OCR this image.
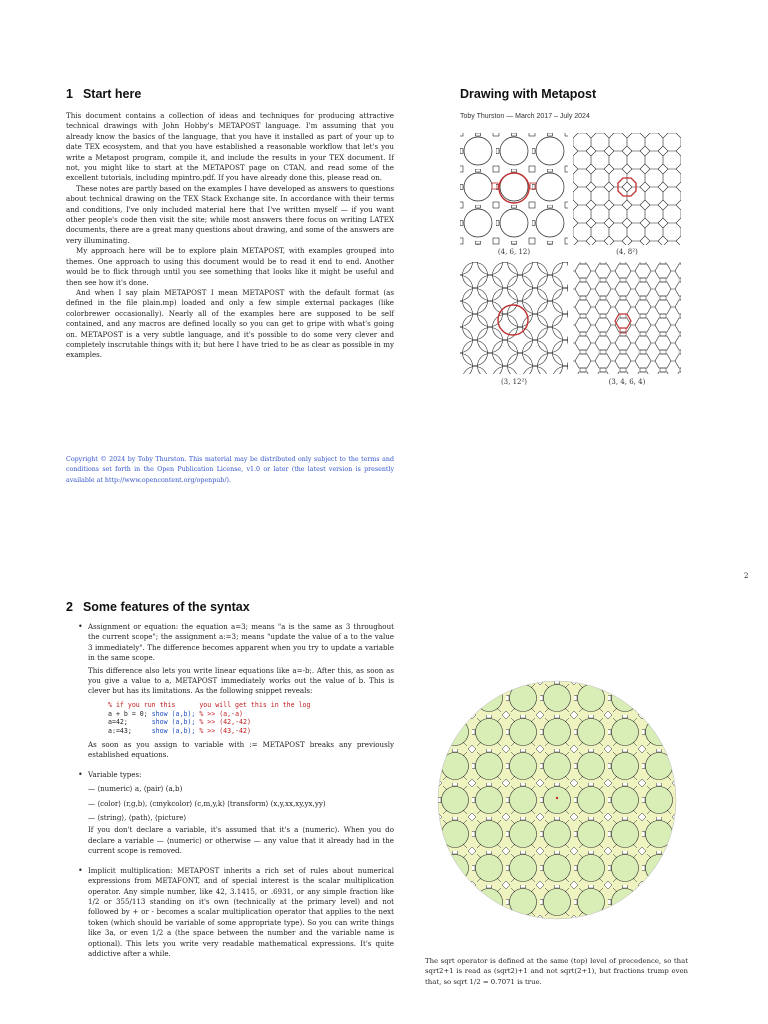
1 Start here

This document contains a collection of ideas and techniques for producing attractive technical drawings with John Hobby's METAPOST language. I'm assuming that you already know the basics of the language, that you have it installed as part of your up to date TEX ecosystem, and that you have established a reasonable workflow that let's you write a Metapost program, compile it, and include the results in your TEX document. If not, you might like to start at the METAPOST page on CTAN, and read some of the excellent tutorials, including mpintro.pdf. If you have already done this, please read on.

These notes are partly based on the examples I have developed as answers to questions about technical drawing on the TEX Stack Exchange site. In accordance with their terms and conditions, I've only included material here that I've written myself — if you want other people's code then visit the site; while most answers there focus on writing LATEX documents, there are a great many questions about drawing, and some of the answers are very illuminating.

My approach here will be to explore plain METAPOST, with examples grouped into themes. One approach to using this document would be to read it end to end. Another would be to flick through until you see something that looks like it might be useful and then see how it's done.

And when I say plain METAPOST I mean METAPOST with the default format (as defined in the file plain.mp) loaded and only a few simple external packages (like colorbrewer occasionally). Nearly all of the examples here are supposed to be self contained, and any macros are defined locally so you can get to gripe with what's going on. METAPOST is a very subtle language, and it's possible to do some very clever and completely inscrutable things with it; but here I have tried to be as clear as possible in my examples.

Copyright © 2024 by Toby Thurston. This material may be distributed only subject to the terms and conditions set forth in the Open Publication License, v1.0 or later (the latest version is presently available at http://www.opencontent.org/openpub/).
Drawing with Metapost
Toby Thurston — March 2017 – July 2024
(4, 6, 12)	(4, 8²)
(3, 12²)	(3, 4, 6, 4)
2
2 Some features of the syntax

• Assignment or equation: the equation a=3; means "a is the same as 3 throughout the current scope"; the assignment a:=3; means "update the value of a to the value 3 immediately". The difference becomes apparent when you try to update a variable in the same scope.

This difference also lets you write linear equations like a=-b;. After this, as soon as you give a value to a, METAPOST immediately works out the value of b. This is clever but has its limitations. As the following snippet reveals:

% if you run this	you will get this in the log
a + b = 0; show (a,b); % >> (a,-a)
a=42;	show (a,b); % >> (42,-42)
a:=43;	show (a,b); % >> (43,-42)

As soon as you assign to variable with := METAPOST breaks any previously established equations.

• Variable types:

— ⟨numeric⟩ a, ⟨pair⟩ (a,b)

— ⟨color⟩ (r,g,b), ⟨cmykcolor⟩ (c,m,y,k) ⟨transform⟩ (x,y,xx,xy,yx,yy)

— ⟨string⟩, ⟨path⟩, ⟨picture⟩

If you don't declare a variable, it's assumed that it's a ⟨numeric⟩. When you do declare a variable — ⟨numeric⟩ or otherwise — any value that it already had in the current scope is removed.

• Implicit multiplication: METAPOST inherits a rich set of rules about numerical expressions from METAFONT, and of special interest is the scalar multiplication operator. Any simple number, like 42, 3.1415, or .6931, or any simple fraction like 1/2 or 355/113 standing on it's own (technically at the primary level) and not followed by + or - becomes a scalar multiplication operator that applies to the next token (which should be variable of some appropriate type). So you can write things like 3a, or even 1/2 a (the space between the number and the variable name is optional). This lets you write very readable mathematical expressions. It's quite addictive after a while.

The sqrt operator is defined at the same (top) level of precedence, so that sqrt2+1 is read as (sqrt2)+1 and not sqrt(2+1), but fractions trump even that, so sqrt 1/2 = 0.7071 is true.
